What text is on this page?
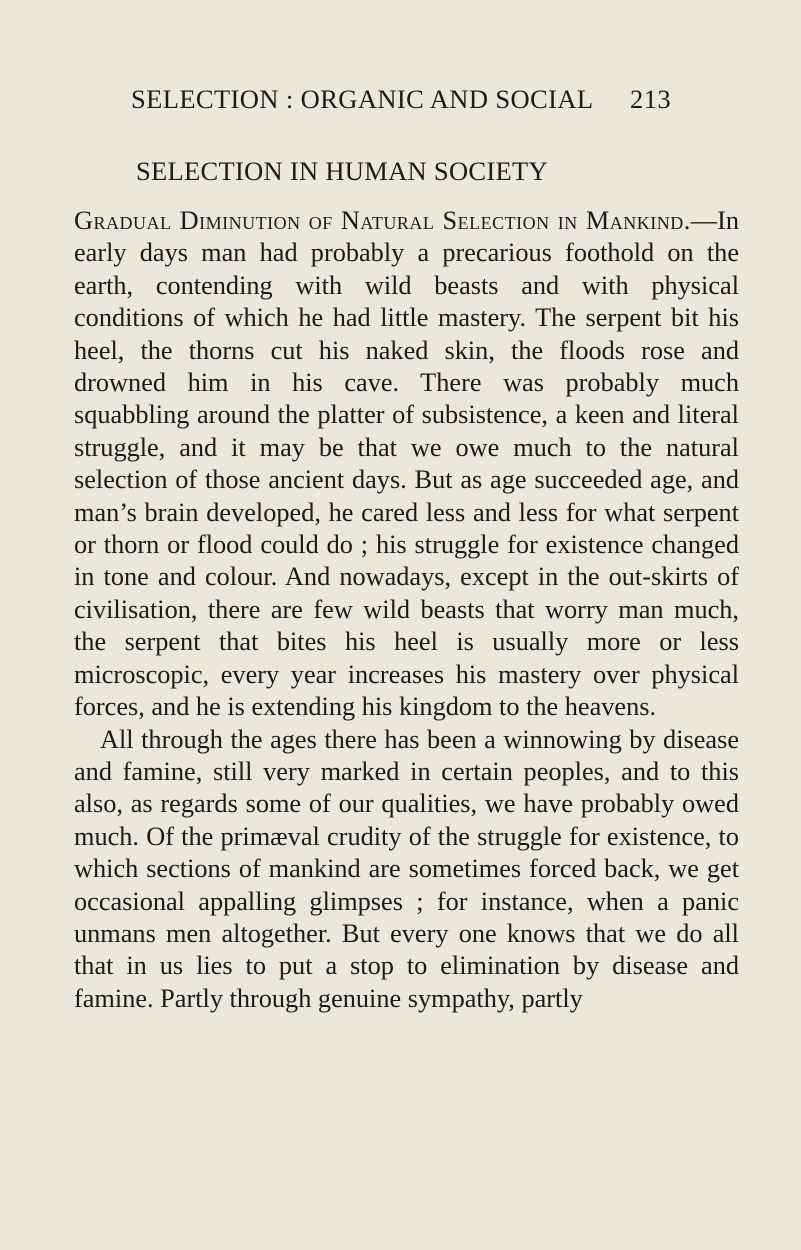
SELECTION : ORGANIC AND SOCIAL 213
SELECTION IN HUMAN SOCIETY

Gradual Diminution of Natural Selection in Mankind.—In early days man had probably a precarious foothold on the earth, contending with wild beasts and with physical conditions of which he had little mastery. The serpent bit his heel, the thorns cut his naked skin, the floods rose and drowned him in his cave. There was probably much squabbling around the platter of subsistence, a keen and literal struggle, and it may be that we owe much to the natural selection of those ancient days. But as age succeeded age, and man’s brain developed, he cared less and less for what serpent or thorn or flood could do ; his struggle for existence changed in tone and colour. And nowadays, except in the out-skirts of civilisation, there are few wild beasts that worry man much, the serpent that bites his heel is usually more or less microscopic, every year increases his mastery over physical forces, and he is extending his kingdom to the heavens.

All through the ages there has been a winnowing by disease and famine, still very marked in certain peoples, and to this also, as regards some of our qualities, we have probably owed much. Of the primæval crudity of the struggle for existence, to which sections of mankind are sometimes forced back, we get occasional appalling glimpses ; for instance, when a panic unmans men altogether. But every one knows that we do all that in us lies to put a stop to elimination by disease and famine. Partly through genuine sympathy, partly
